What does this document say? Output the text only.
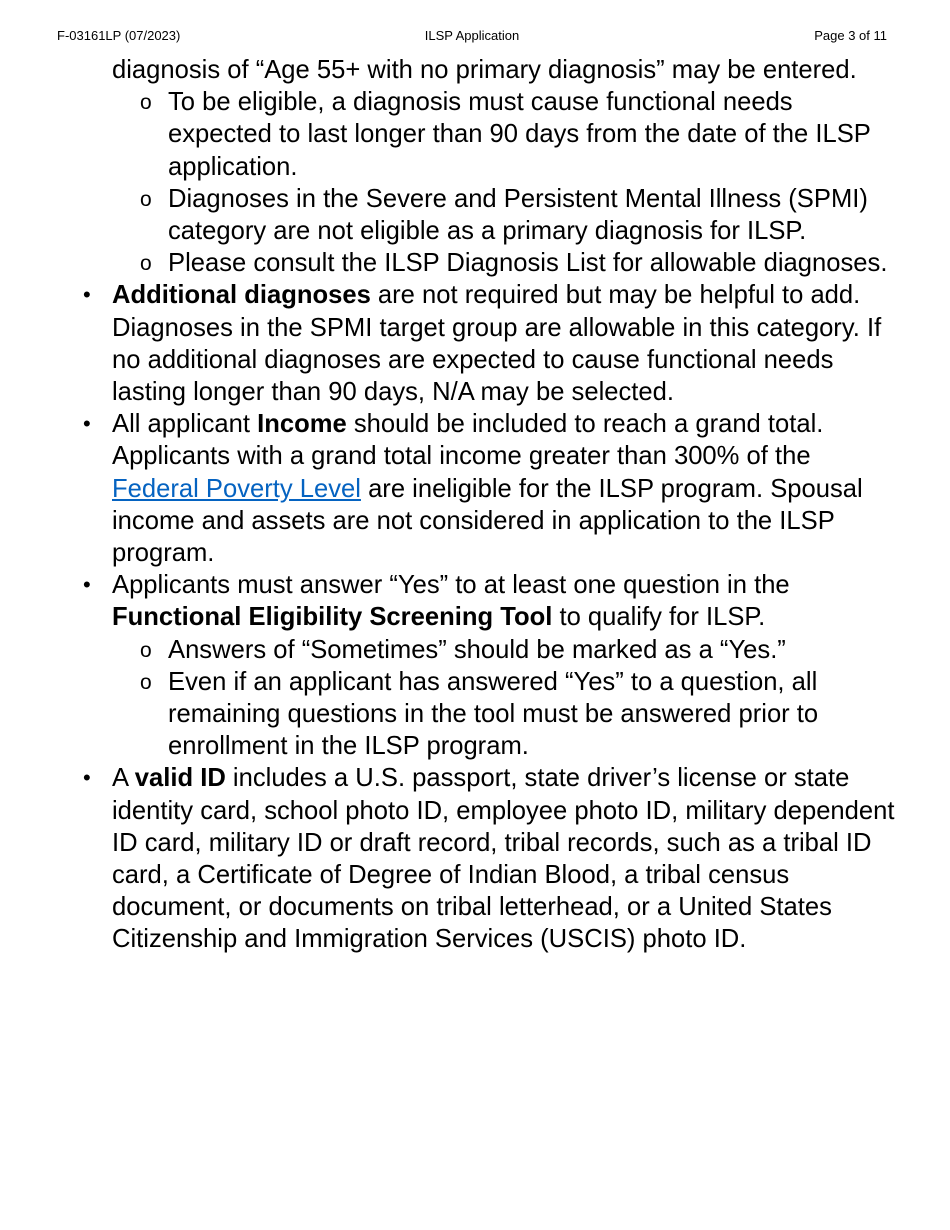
F-03161LP (07/2023)	ILSP Application	Page 3 of 11
diagnosis of “Age 55+ with no primary diagnosis” may be entered.
o To be eligible, a diagnosis must cause functional needs expected to last longer than 90 days from the date of the ILSP application.
o Diagnoses in the Severe and Persistent Mental Illness (SPMI) category are not eligible as a primary diagnosis for ILSP.
o Please consult the ILSP Diagnosis List for allowable diagnoses.
• Additional diagnoses are not required but may be helpful to add. Diagnoses in the SPMI target group are allowable in this category. If no additional diagnoses are expected to cause functional needs lasting longer than 90 days, N/A may be selected.
• All applicant Income should be included to reach a grand total. Applicants with a grand total income greater than 300% of the Federal Poverty Level are ineligible for the ILSP program. Spousal income and assets are not considered in application to the ILSP program.
• Applicants must answer “Yes” to at least one question in the Functional Eligibility Screening Tool to qualify for ILSP.
o Answers of “Sometimes” should be marked as a “Yes.”
o Even if an applicant has answered “Yes” to a question, all remaining questions in the tool must be answered prior to enrollment in the ILSP program.
• A valid ID includes a U.S. passport, state driver’s license or state identity card, school photo ID, employee photo ID, military dependent ID card, military ID or draft record, tribal records, such as a tribal ID card, a Certificate of Degree of Indian Blood, a tribal census document, or documents on tribal letterhead, or a United States Citizenship and Immigration Services (USCIS) photo ID.
